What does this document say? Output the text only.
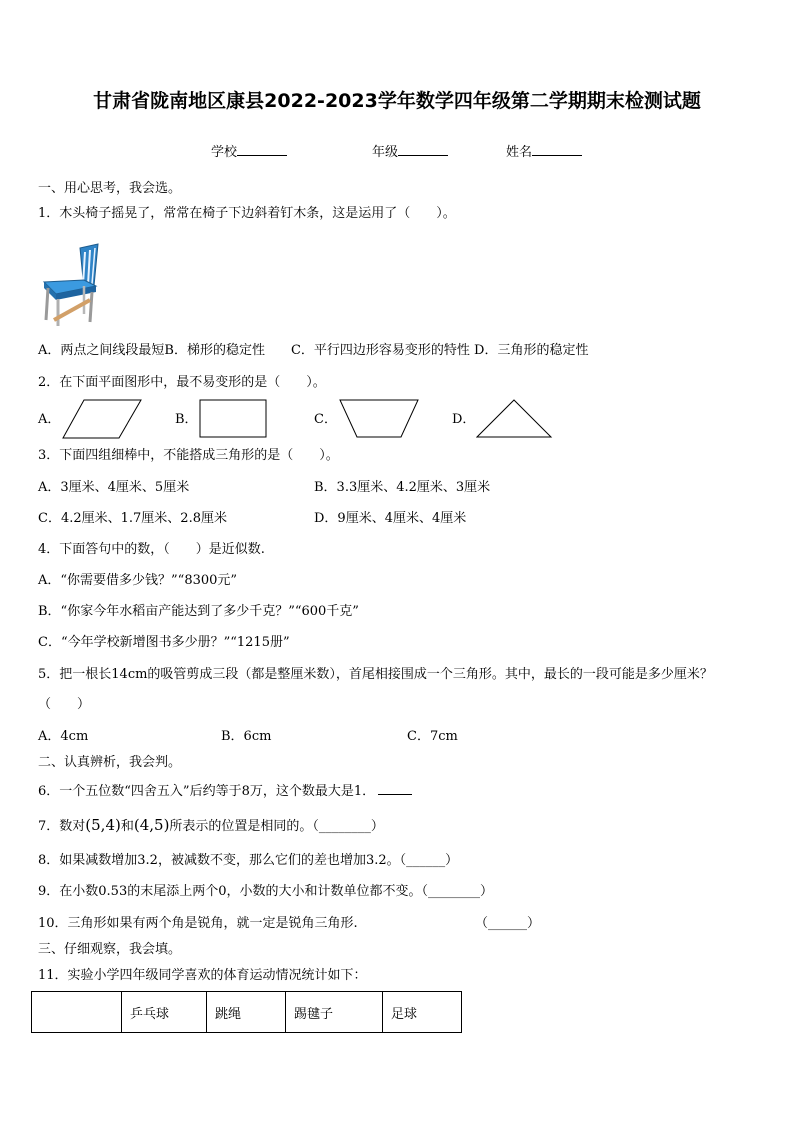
甘肃省陇南地区康县2022-2023学年数学四年级第二学期期末检测试题
学校	年级	姓名
一、用心思考，我会选。
1．木头椅子摇晃了，常常在椅子下边斜着钉木条，这是运用了（　　）。
A．两点之间线段最短B．梯形的稳定性　　C．平行四边形容易变形的特性 D．三角形的稳定性
2．在下面平面图形中，最不易变形的是（　　）。
A．	B．	C．	D．
3．下面四组细棒中，不能搭成三角形的是（　　）。
A．3厘米、4厘米、5厘米	B．3.3厘米、4.2厘米、3厘米
C．4.2厘米、1.7厘米、2.8厘米	D．9厘米、4厘米、4厘米
4．下面答句中的数，（　　）是近似数.
A．“你需要借多少钱？”“8300元”
B．“你家今年水稻亩产能达到了多少千克？”“600千克”
C．“今年学校新增图书多少册？”“1215册”
5．把一根长14cm的吸管剪成三段（都是整厘米数），首尾相接围成一个三角形。其中，最长的一段可能是多少厘米？
（　　）
A．4cm	B．6cm	C．7cm
二、认真辨析，我会判。
6．一个五位数“四舍五入”后约等于8万，这个数最大是1．
7．数对(5,4)和(4,5)所表示的位置是相同的。（________）
8．如果减数增加3.2，被减数不变，那么它们的差也增加3.2。（______）
9．在小数0.53的末尾添上两个0，小数的大小和计数单位都不变。（________）
10．三角形如果有两个角是锐角，就一定是锐角三角形.	（______）
三、仔细观察，我会填。
11．实验小学四年级同学喜欢的体育运动情况统计如下：
	乒乓球	跳绳	踢毽子	足球
